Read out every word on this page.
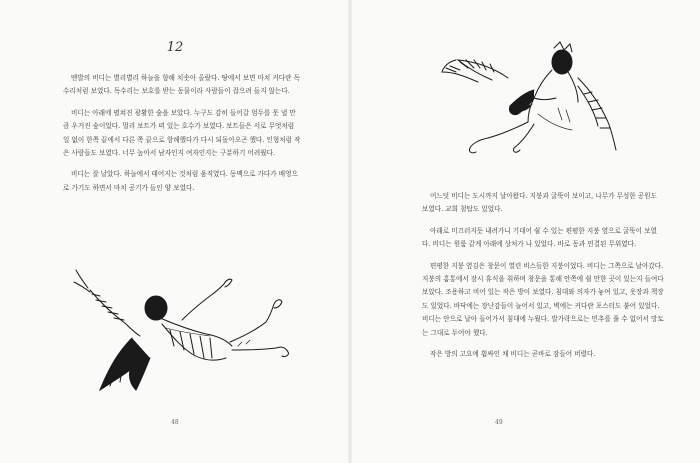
12

맨발의 비디는 별리별리 하늘을 향해 치솟아 올랐다. 땅에서 보면 마치 커다란 독수리처럼 보였다. 독수리는 보호를 받는 동물이라 사람들이 잡으려 들지 않는다.

비디는 아래에 펼쳐진 광활한 숲을 보았다. 누구도 감히 들어갈 엄두를 못 낼 만큼 우거진 숲이었다. 멀리 보트가 떠 있는 호수가 보였다. 보트들은 서로 무엇처럼 일 없이 한쪽 끝에서 다른 쪽 끝으로 항해했다가 다시 되돌아오곤 했다. 인형처럼 작은 사람들도 보였다. 너무 높아서 남자인지 여자인지는 구분하기 어려웠다.

비디는 잘 날았다. 하늘에서 태어지는 것처럼 움직였다. 동맥으로 가다가 배영으로 가기도 하면서 마치 공기가 들인 양 보였다.

48

어느덧 비디는 도시까지 날아왔다. 지붕과 굴뚝이 보이고, 나무가 무성한 공원도 보였다. 교회 첨탑도 있었다.

아래로 미끄러지듯 내려가니 기대어 쉴 수 있는 편평한 지붕 옆으로 굴뚝이 보였다. 비디는 원룸 같게 아래에 상처가 나 있었다. 바로 동과 연결된 무위였다.

편평한 지붕 옆김은 창문이 열린 비스듬한 지붕이었다. 비디는 그쪽으로 날아갔다. 지붕의 홈통에서 잠시 휴식을 취하며 창문을 통해 안쪽에 쉴 만한 곳이 있는지 들여다보았다. 조용하고 비어 있는 작은 방이 보였다. 침대와 의자가 놓여 있고, 옷장과 책장도 있었다. 바닥에는 장난감들이 늘어서 있고, 벽에는 커다란 포스터도 붙어 있었다. 비디는 안으로 날아 들어가서 침대에 누웠다. 발가락으로는 민추를 풀 수 없어서 망토는 그대로 두어야 했다.

작은 방의 고요에 휩싸인 채 비디는 곧바로 잠들어 버렸다.

49
